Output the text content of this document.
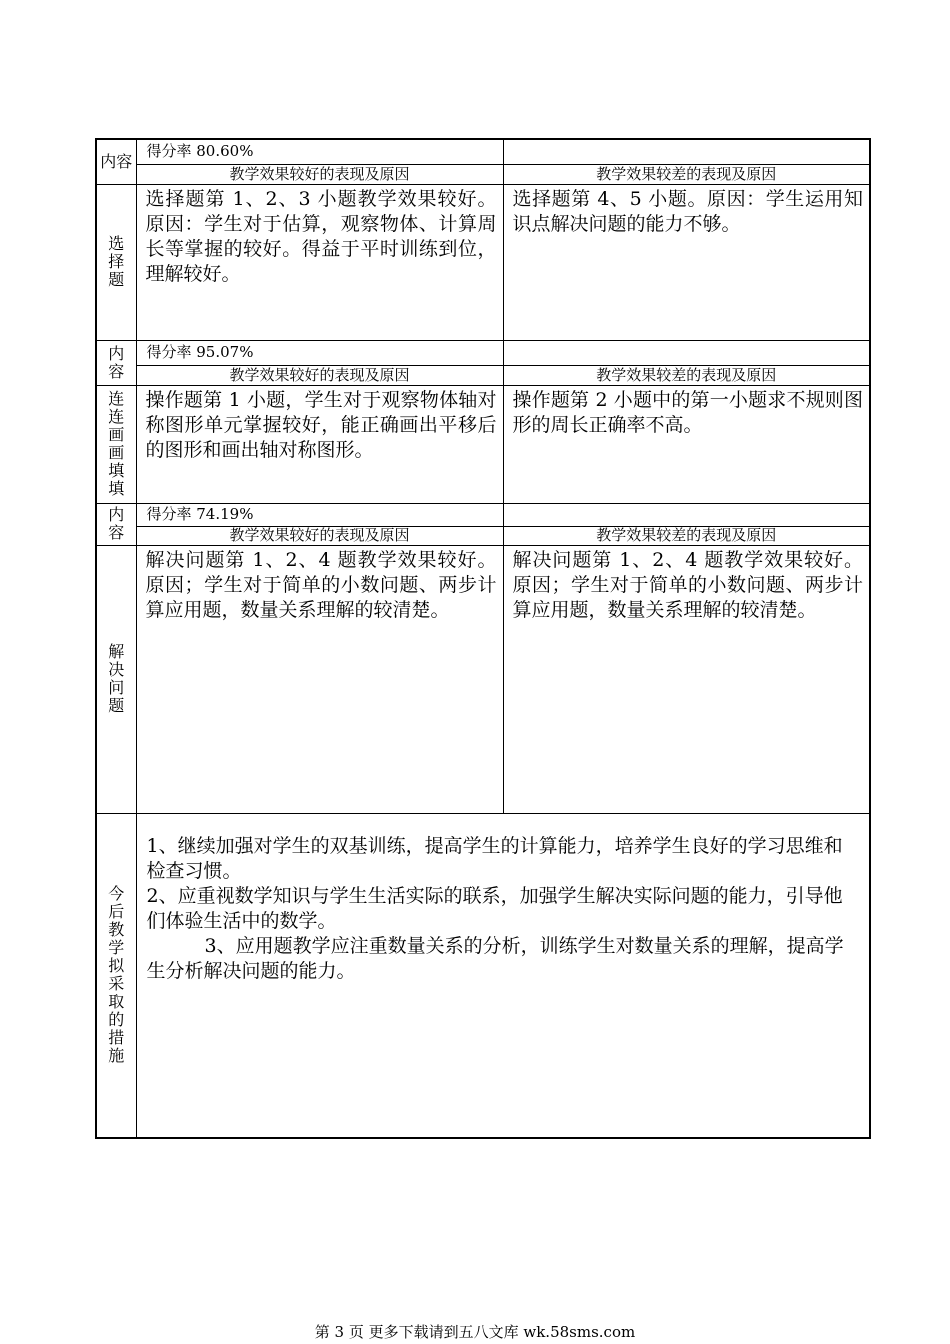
内容	得分率 80.60%	
	教学效果较好的表现及原因	教学效果较差的表现及原因

选择题	选择题第 1、2、3 小题教学效果较好。原因：学生对于估算，观察物体、计算周长等掌握的较好。得益于平时训练到位，理解较好。	选择题第 4、5 小题。原因：学生运用知识点解决问题的能力不够。

内容	得分率 95.07%	
	教学效果较好的表现及原因	教学效果较差的表现及原因

连连画画填填	操作题第 1 小题，学生对于观察物体轴对称图形单元掌握较好，能正确画出平移后的图形和画出轴对称图形。	操作题第 2 小题中的第一小题求不规则图形的周长正确率不高。

内容	得分率 74.19%	
	教学效果较好的表现及原因	教学效果较差的表现及原因

解决问题	解决问题第 1、2、4 题教学效果较好。原因；学生对于简单的小数问题、两步计算应用题，数量关系理解的较清楚。	解决问题第 1、2、4 题教学效果较好。原因；学生对于简单的小数问题、两步计算应用题，数量关系理解的较清楚。

今后教学拟采取的措施	1、继续加强对学生的双基训练，提高学生的计算能力，培养学生良好的学习思维和检查习惯。

2、应重视数学知识与学生生活实际的联系，加强学生解决实际问题的能力，引导他们体验生活中的数学。

3、应用题教学应注重数量关系的分析，训练学生对数量关系的理解，提高学生分析解决问题的能力。	

第 3 页 更多下载请到五八文库 wk.58sms.com
